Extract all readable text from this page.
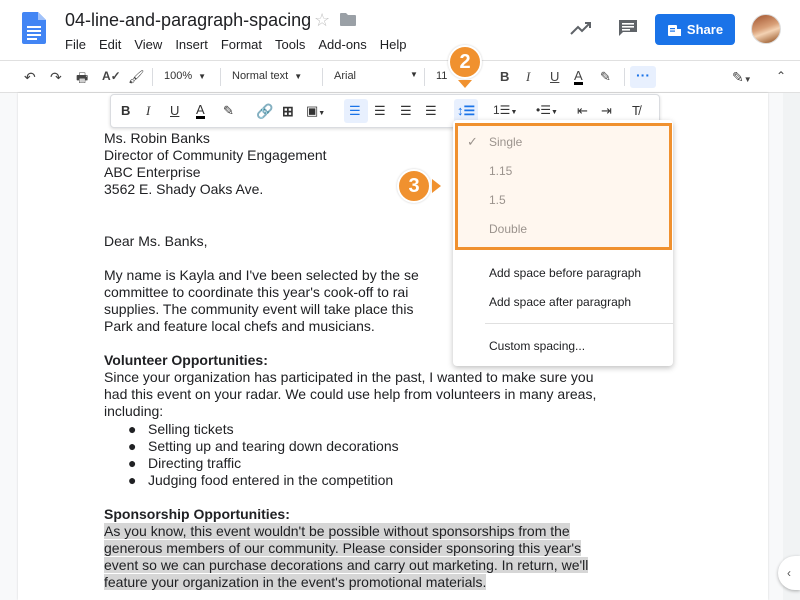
04-line-and-paragraph-spacing ☆
File Edit View Insert Format Tools Add-ons Help
Share
↶ ↷ 🖶 A✓ 🖌 100% ▼ Normal text ▼	Arial	▼ 11	B I U A ✎	···	✎▼ ⌃
B I U A ✎ 🔗 ⊞ ▣▼ ☰ ☰ ☰ ☰ ↕☰ 1☰▼ •☰▼ ⇤ ⇥ T̸
Ms. Robin Banks
Director of Community Engagement
ABC Enterprise
3562 E. Shady Oaks Ave.
Dear Ms. Banks,
My name is Kayla and I've been selected by the se
committee to coordinate this year's cook-off to rai
supplies. The community event will take place this
Park and feature local chefs and musicians.
Volunteer Opportunities:
Since your organization has participated in the past, I wanted to make sure you
had this event on your radar. We could use help from volunteers in many areas,
including:
● Selling tickets
● Setting up and tearing down decorations
● Directing traffic
● Judging food entered in the competition
Sponsorship Opportunities:
As you know, this event wouldn't be possible without sponsorships from the
generous members of our community. Please consider sponsoring this year's
event so we can purchase decorations and carry out marketing. In return, we'll
feature your organization in the event's promotional materials.
‹
Add space before paragraph
Add space after paragraph
Custom spacing...
2
3
